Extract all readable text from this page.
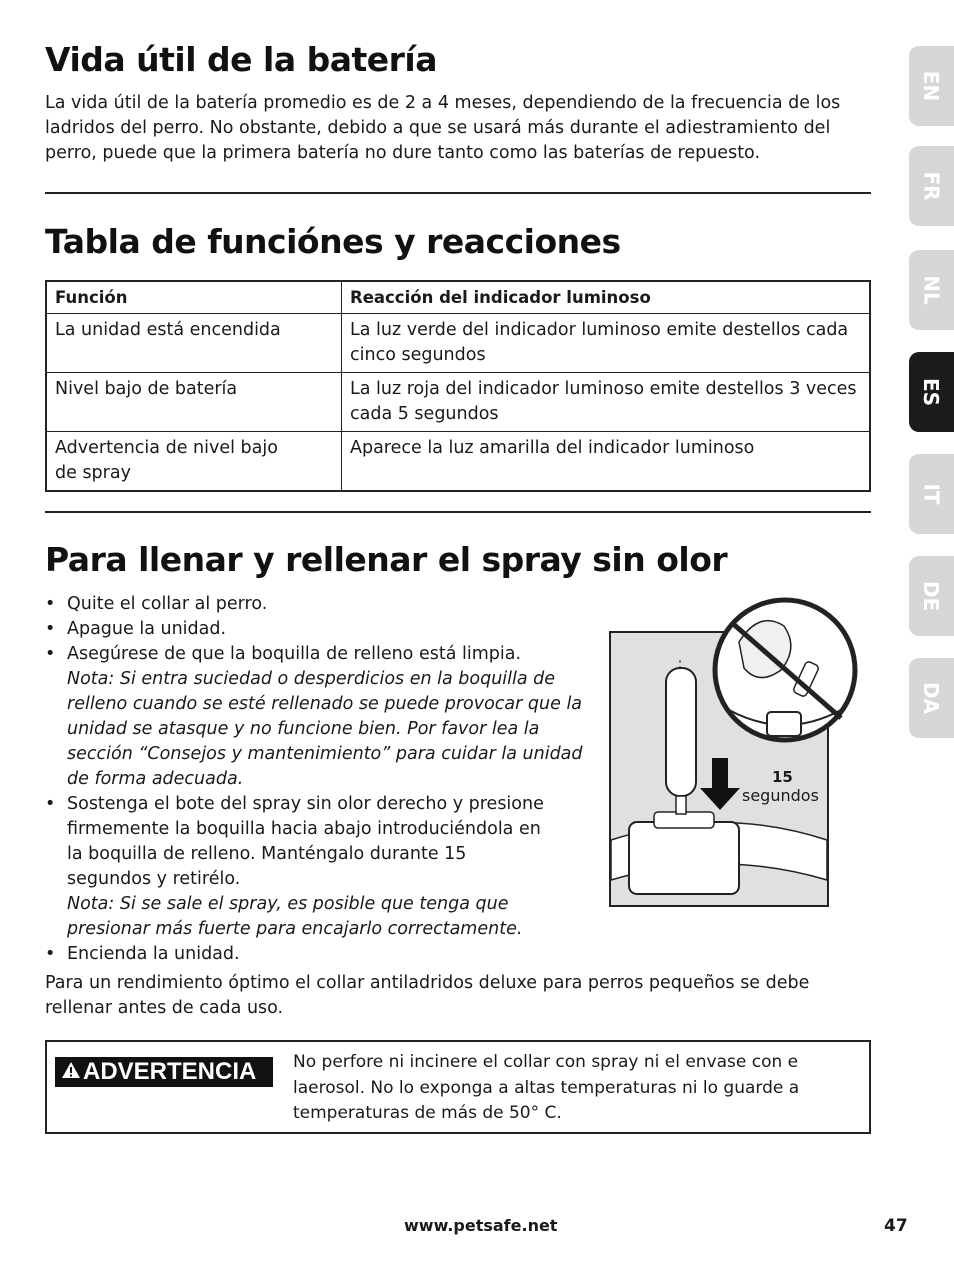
EN
FR
NL
ES
IT
DE
DA
Vida útil de la batería

La vida útil de la batería promedio es de 2 a 4 meses, dependiendo de la frecuencia de los ladridos del perro. No obstante, debido a que se usará más durante el adiestramiento del perro, puede que la primera batería no dure tanto como las baterías de repuesto.

Tabla de funciónes y reacciones
Función	Reacción del indicador luminoso
La unidad está encendida	La luz verde del indicador luminoso emite destellos cada cinco segundos
Nivel bajo de batería	La luz roja del indicador luminoso emite destellos 3 veces cada 5 segundos
Advertencia de nivel bajo de spray	Aparece la luz amarilla del indicador luminoso
Para llenar y rellenar el spray sin olor
• Quite el collar al perro.
• Apague la unidad.
• Asegúrese de que la boquilla de relleno está limpia.
Nota: Si entra suciedad o desperdicios en la boquilla de relleno cuando se esté rellenado se puede provocar que la unidad se atasque y no funcione bien. Por favor lea la sección “Consejos y mantenimiento” para cuidar la unidad de forma adecuada.
• Sostenga el bote del spray sin olor derecho y presione firmemente la boquilla hacia abajo introduciéndola en la boquilla de relleno. Manténgalo durante 15 segundos y retirélo.
Nota: Si se sale el spray, es posible que tenga que presionar más fuerte para encajarlo correctamente.
• Encienda la unidad.

Para un rendimiento óptimo el collar antiladridos deluxe para perros pequeños se debe rellenar antes de cada uso.

15
segundos
ADVERTENCIA No perfore ni incinere el collar con spray ni el envase con e laerosol. No lo exponga a altas temperaturas ni lo guarde a temperaturas de más de 50° C.
www.petsafe.net	47
